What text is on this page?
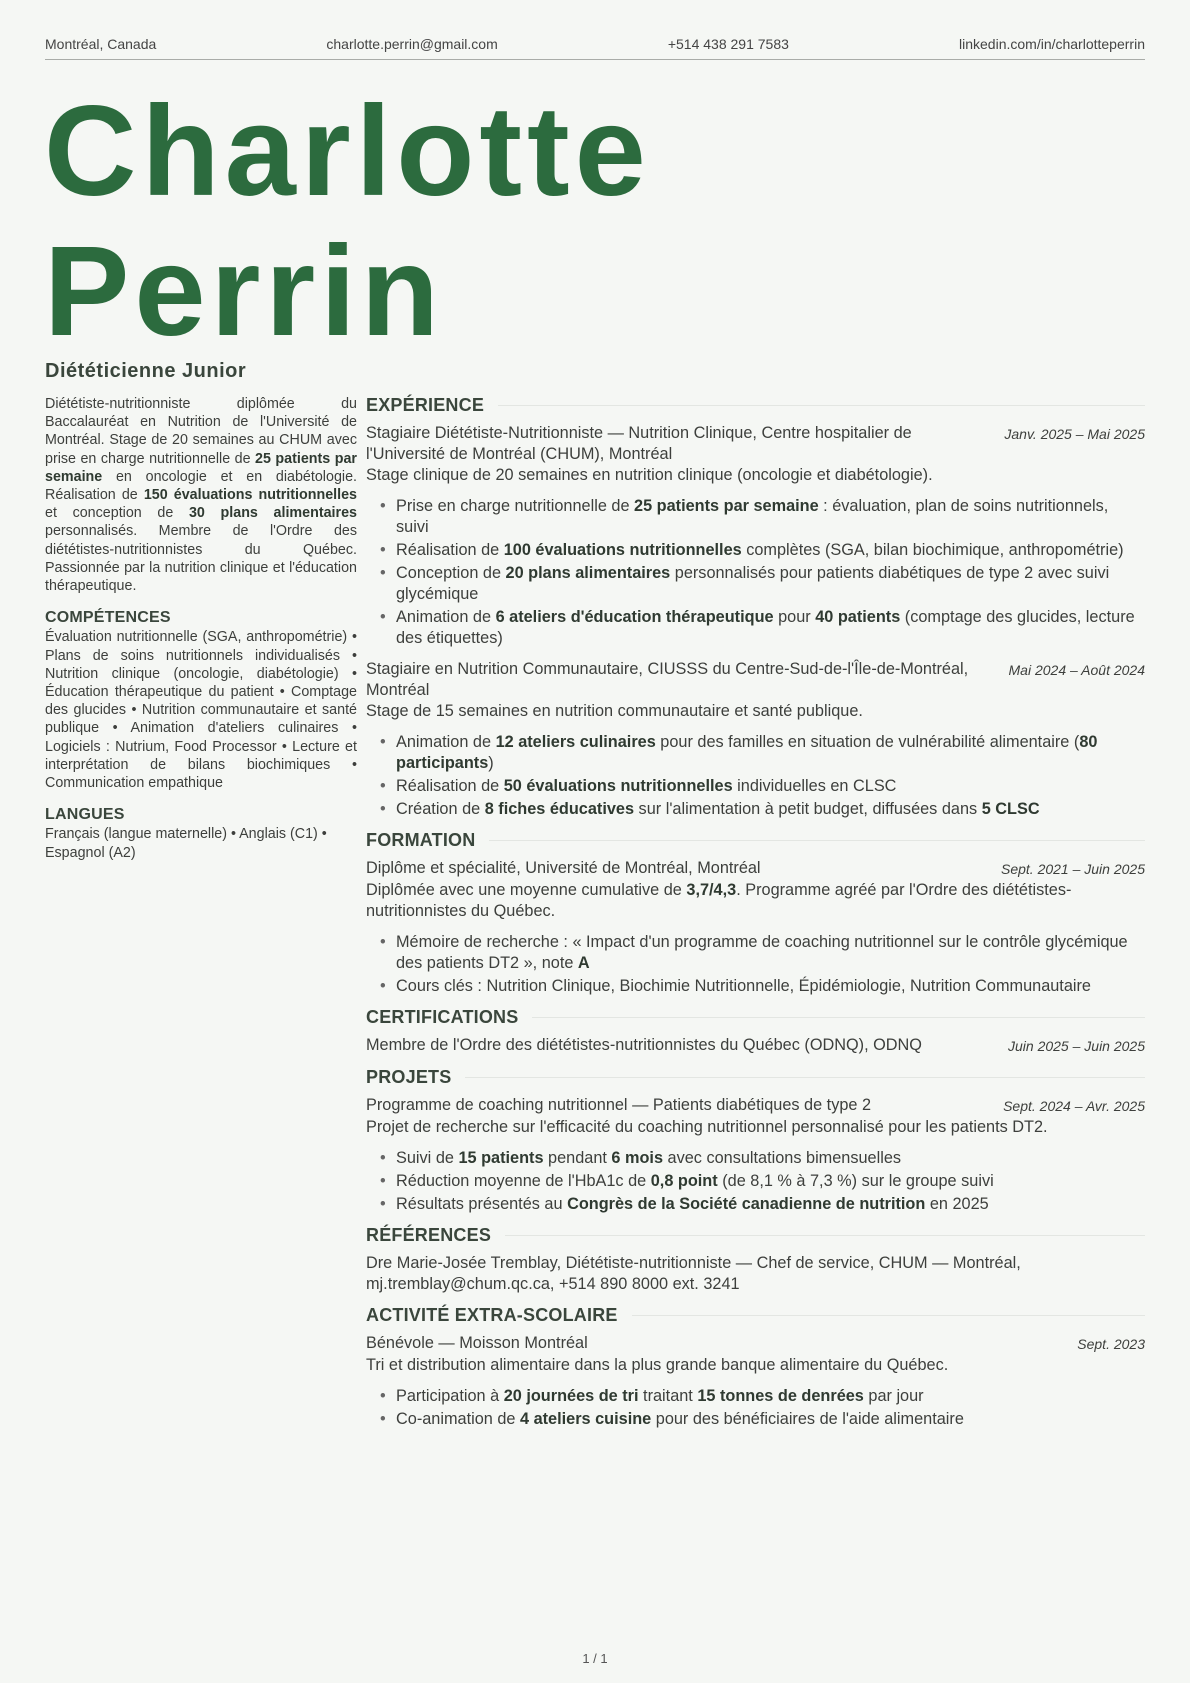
Montréal, Canada	charlotte.perrin@gmail.com	+514 438 291 7583	linkedin.com/in/charlotteperrin
Charlotte
Perrin
Diététicienne Junior

Diététiste-nutritionniste diplômée du Baccalauréat en Nutrition de l'Université de Montréal. Stage de 20 semaines au CHUM avec prise en charge nutritionnelle de 25 patients par semaine en oncologie et en diabétologie. Réalisation de 150 évaluations nutritionnelles et conception de 30 plans alimentaires personnalisés. Membre de l'Ordre des diététistes-nutritionnistes du Québec. Passionnée par la nutrition clinique et l'éducation thérapeutique.

COMPÉTENCES

Évaluation nutritionnelle (SGA, anthropométrie) • Plans de soins nutritionnels individualisés • Nutrition clinique (oncologie, diabétologie) • Éducation thérapeutique du patient • Comptage des glucides • Nutrition communautaire et santé publique • Animation d'ateliers culinaires • Logiciels : Nutrium, Food Processor • Lecture et interprétation de bilans biochimiques • Communication empathique

LANGUES

Français (langue maternelle) • Anglais (C1) • Espagnol (A2)

EXPÉRIENCE
Stagiaire Diététiste-Nutritionniste — Nutrition Clinique, Centre hospitalier de l'Université de Montréal (CHUM), Montréal
Janv. 2025 – Mai 2025
Stage clinique de 20 semaines en nutrition clinique (oncologie et diabétologie).
• Prise en charge nutritionnelle de 25 patients par semaine : évaluation, plan de soins nutritionnels, suivi
• Réalisation de 100 évaluations nutritionnelles complètes (SGA, bilan biochimique, anthropométrie)
• Conception de 20 plans alimentaires personnalisés pour patients diabétiques de type 2 avec suivi glycémique
• Animation de 6 ateliers d'éducation thérapeutique pour 40 patients (comptage des glucides, lecture des étiquettes)
Stagiaire en Nutrition Communautaire, CIUSSS du Centre-Sud-de-l'Île-de-Montréal, Montréal
Mai 2024 – Août 2024
Stage de 15 semaines en nutrition communautaire et santé publique.
• Animation de 12 ateliers culinaires pour des familles en situation de vulnérabilité alimentaire (80 participants)
• Réalisation de 50 évaluations nutritionnelles individuelles en CLSC
• Création de 8 fiches éducatives sur l'alimentation à petit budget, diffusées dans 5 CLSC
FORMATION
Diplôme et spécialité, Université de Montréal, Montréal	Sept. 2021 – Juin 2025
Diplômée avec une moyenne cumulative de 3,7/4,3. Programme agréé par l'Ordre des diététistes-nutritionnistes du Québec.
• Mémoire de recherche : « Impact d'un programme de coaching nutritionnel sur le contrôle glycémique des patients DT2 », note A
• Cours clés : Nutrition Clinique, Biochimie Nutritionnelle, Épidémiologie, Nutrition Communautaire
CERTIFICATIONS
Membre de l'Ordre des diététistes-nutritionnistes du Québec (ODNQ), ODNQ	Juin 2025 – Juin 2025
PROJETS
Programme de coaching nutritionnel — Patients diabétiques de type 2	Sept. 2024 – Avr. 2025
Projet de recherche sur l'efficacité du coaching nutritionnel personnalisé pour les patients DT2.
• Suivi de 15 patients pendant 6 mois avec consultations bimensuelles
• Réduction moyenne de l'HbA1c de 0,8 point (de 8,1 % à 7,3 %) sur le groupe suivi
• Résultats présentés au Congrès de la Société canadienne de nutrition en 2025
RÉFÉRENCES
Dre Marie-Josée Tremblay, Diététiste-nutritionniste — Chef de service, CHUM — Montréal, mj.tremblay@chum.qc.ca, +514 890 8000 ext. 3241
ACTIVITÉ EXTRA-SCOLAIRE
Bénévole — Moisson Montréal	Sept. 2023
Tri et distribution alimentaire dans la plus grande banque alimentaire du Québec.
• Participation à 20 journées de tri traitant 15 tonnes de denrées par jour
• Co-animation de 4 ateliers cuisine pour des bénéficiaires de l'aide alimentaire
1 / 1
